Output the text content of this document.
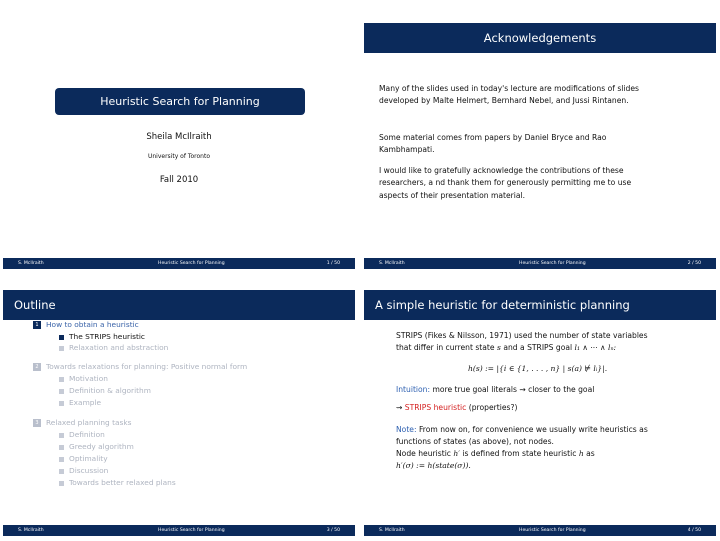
Heuristic Search for Planning
Sheila McIlraith
University of Toronto
Fall 2010
S. McIlraith	Heuristic Search for Planning	1 / 50
Acknowledgements
Many of the slides used in today's lecture are modifications of slides developed by Malte Helmert, Bernhard Nebel, and Jussi Rintanen.
Some material comes from papers by Daniel Bryce and Rao Kambhampati.
I would like to gratefully acknowledge the contributions of these researchers, a nd thank them for generously permitting me to use aspects of their presentation material.
S. McIlraith	Heuristic Search for Planning	2 / 50
Outline
1 How to obtain a heuristic
The STRIPS heuristic
Relaxation and abstraction
2 Towards relaxations for planning: Positive normal form
Motivation
Definition & algorithm
Example
3 Relaxed planning tasks
Definition
Greedy algorithm
Optimality
Discussion
Towards better relaxed plans
S. McIlraith	Heuristic Search for Planning	3 / 50
A simple heuristic for deterministic planning
STRIPS (Fikes & Nilsson, 1971) used the number of state variables
that differ in current state s and a STRIPS goal l₁ ∧ ··· ∧ lₙ:
h(s) := |{i ∈ {1, . . . , n} | s(a) ⊭ lᵢ}|.
Intuition: more true goal literals ⇝ closer to the goal
⇝ STRIPS heuristic (properties?)
Note: From now on, for convenience we usually write heuristics as
functions of states (as above), not nodes.
Node heuristic h′ is defined from state heuristic h as
h′(σ) := h(state(σ)).
S. McIlraith	Heuristic Search for Planning	4 / 50
